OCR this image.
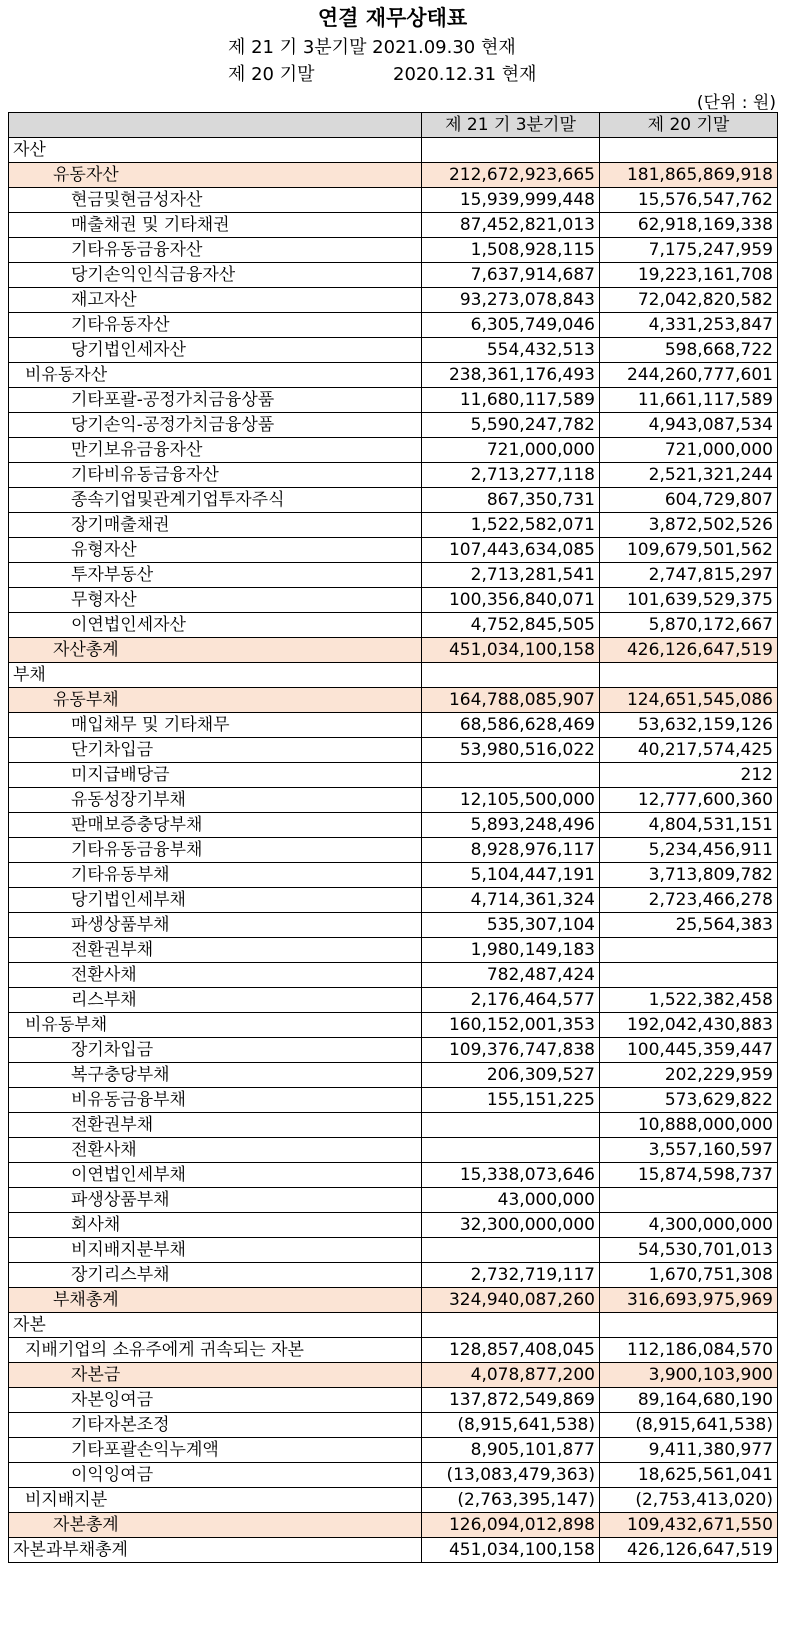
연결 재무상태표
제 21 기 3분기말 2021.09.30 현재
제 20 기말	2020.12.31 현재
(단위 : 원)
	제 21 기 3분기말	제 20 기말
자산		
유동자산	212,672,923,665	181,865,869,918
현금및현금성자산	15,939,999,448	15,576,547,762
매출채권 및 기타채권	87,452,821,013	62,918,169,338
기타유동금융자산	1,508,928,115	7,175,247,959
당기손익인식금융자산	7,637,914,687	19,223,161,708
재고자산	93,273,078,843	72,042,820,582
기타유동자산	6,305,749,046	4,331,253,847
당기법인세자산	554,432,513	598,668,722
비유동자산	238,361,176,493	244,260,777,601
기타포괄-공정가치금융상품	11,680,117,589	11,661,117,589
당기손익-공정가치금융상품	5,590,247,782	4,943,087,534
만기보유금융자산	721,000,000	721,000,000
기타비유동금융자산	2,713,277,118	2,521,321,244
종속기업및관계기업투자주식	867,350,731	604,729,807
장기매출채권	1,522,582,071	3,872,502,526
유형자산	107,443,634,085	109,679,501,562
투자부동산	2,713,281,541	2,747,815,297
무형자산	100,356,840,071	101,639,529,375
이연법인세자산	4,752,845,505	5,870,172,667
자산총계	451,034,100,158	426,126,647,519
부채		
유동부채	164,788,085,907	124,651,545,086
매입채무 및 기타채무	68,586,628,469	53,632,159,126
단기차입금	53,980,516,022	40,217,574,425
미지급배당금		212
유동성장기부채	12,105,500,000	12,777,600,360
판매보증충당부채	5,893,248,496	4,804,531,151
기타유동금융부채	8,928,976,117	5,234,456,911
기타유동부채	5,104,447,191	3,713,809,782
당기법인세부채	4,714,361,324	2,723,466,278
파생상품부채	535,307,104	25,564,383
전환권부채	1,980,149,183	
전환사채	782,487,424	
리스부채	2,176,464,577	1,522,382,458
비유동부채	160,152,001,353	192,042,430,883
장기차입금	109,376,747,838	100,445,359,447
복구충당부채	206,309,527	202,229,959
비유동금융부채	155,151,225	573,629,822
전환권부채		10,888,000,000
전환사채		3,557,160,597
이연법인세부채	15,338,073,646	15,874,598,737
파생상품부채	43,000,000	
회사채	32,300,000,000	4,300,000,000
비지배지분부채		54,530,701,013
장기리스부채	2,732,719,117	1,670,751,308
부채총계	324,940,087,260	316,693,975,969
자본		
지배기업의 소유주에게 귀속되는 자본	128,857,408,045	112,186,084,570
자본금	4,078,877,200	3,900,103,900
자본잉여금	137,872,549,869	89,164,680,190
기타자본조정	(8,915,641,538)	(8,915,641,538)
기타포괄손익누계액	8,905,101,877	9,411,380,977
이익잉여금	(13,083,479,363)	18,625,561,041
비지배지분	(2,763,395,147)	(2,753,413,020)
자본총계	126,094,012,898	109,432,671,550
자본과부채총계	451,034,100,158	426,126,647,519
